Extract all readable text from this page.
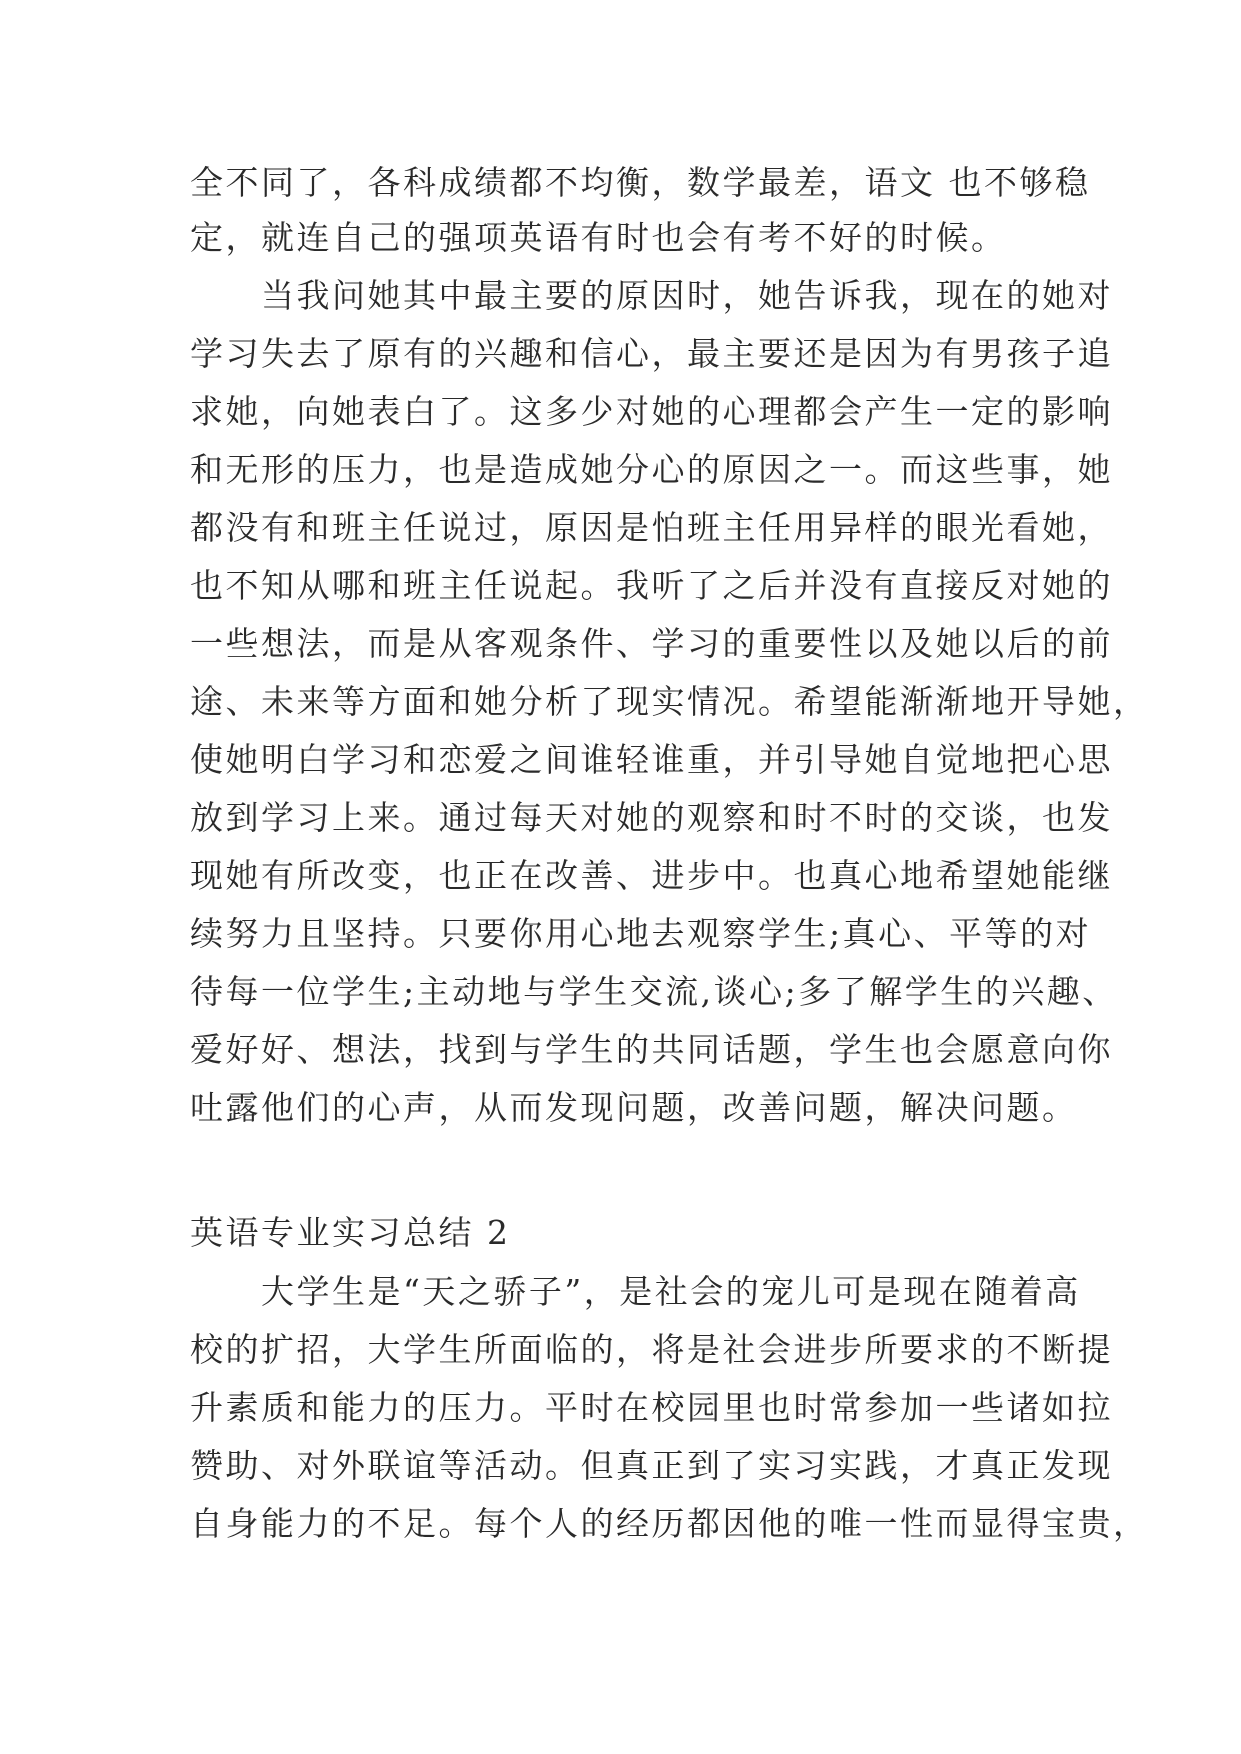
全不同了，各科成绩都不均衡，数学最差，语文 也不够稳
定，就连自己的强项英语有时也会有考不好的时候。
　　当我问她其中最主要的原因时，她告诉我，现在的她对
学习失去了原有的兴趣和信心，最主要还是因为有男孩子追
求她，向她表白了。这多少对她的心理都会产生一定的影响
和无形的压力，也是造成她分心的原因之一。而这些事，她
都没有和班主任说过，原因是怕班主任用异样的眼光看她，
也不知从哪和班主任说起。我听了之后并没有直接反对她的
一些想法，而是从客观条件、学习的重要性以及她以后的前
途、未来等方面和她分析了现实情况。希望能渐渐地开导她，
使她明白学习和恋爱之间谁轻谁重，并引导她自觉地把心思
放到学习上来。通过每天对她的观察和时不时的交谈，也发
现她有所改变，也正在改善、进步中。也真心地希望她能继
续努力且坚持。只要你用心地去观察学生;真心、平等的对
待每一位学生;主动地与学生交流,谈心;多了解学生的兴趣、
爱好好、想法，找到与学生的共同话题，学生也会愿意向你
吐露他们的心声，从而发现问题，改善问题，解决问题。
英语专业实习总结 2
　　大学生是“天之骄子”，是社会的宠儿可是现在随着高
校的扩招，大学生所面临的，将是社会进步所要求的不断提
升素质和能力的压力。平时在校园里也时常参加一些诸如拉
赞助、对外联谊等活动。但真正到了实习实践，才真正发现
自身能力的不足。每个人的经历都因他的唯一性而显得宝贵，
